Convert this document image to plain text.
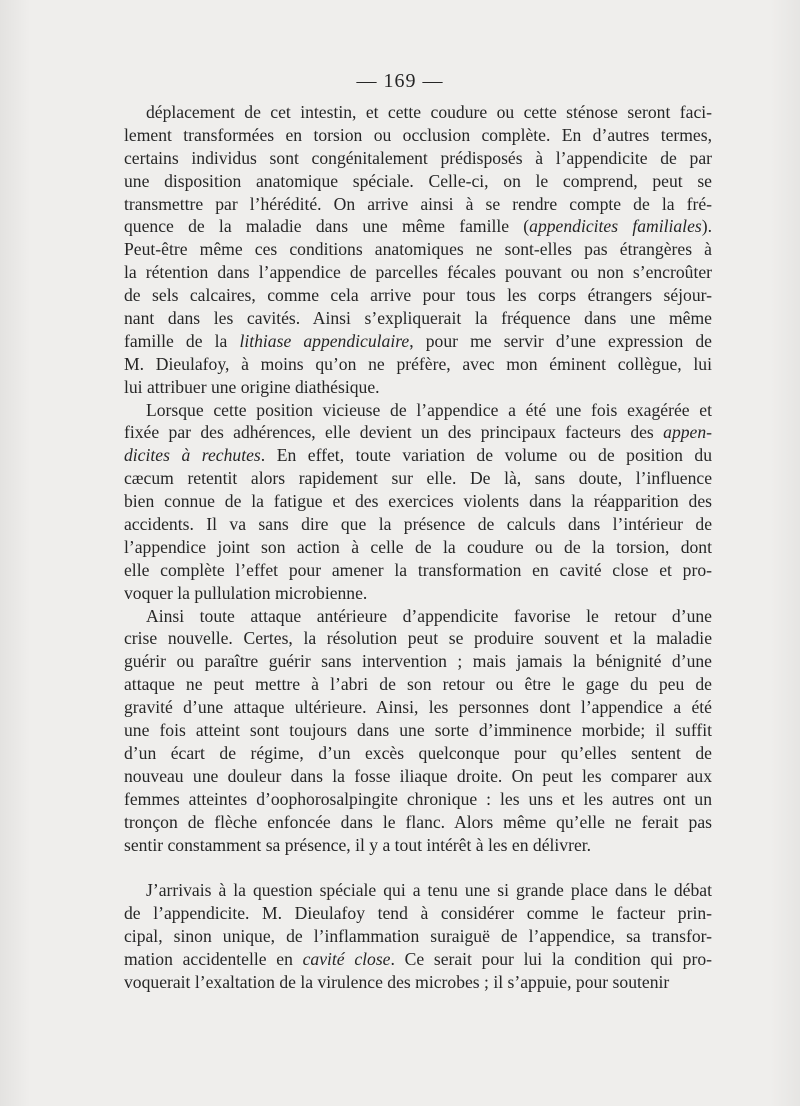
— 169 —
déplacement de cet intestin, et cette coudure ou cette sténose seront faci-
lement transformées en torsion ou occlusion complète. En d’autres termes,
certains individus sont congénitalement prédisposés à l’appendicite de par
une disposition anatomique spéciale. Celle-ci, on le comprend, peut se
transmettre par l’hérédité. On arrive ainsi à se rendre compte de la fré-
quence de la maladie dans une même famille (appendicites familiales).
Peut-être même ces conditions anatomiques ne sont-elles pas étrangères à
la rétention dans l’appendice de parcelles fécales pouvant ou non s’encroûter
de sels calcaires, comme cela arrive pour tous les corps étrangers séjour-
nant dans les cavités. Ainsi s’expliquerait la fréquence dans une même
famille de la lithiase appendiculaire, pour me servir d’une expression de
M. Dieulafoy, à moins qu’on ne préfère, avec mon éminent collègue, lui
lui attribuer une origine diathésique.
Lorsque cette position vicieuse de l’appendice a été une fois exagérée et
fixée par des adhérences, elle devient un des principaux facteurs des appen-
dicites à rechutes. En effet, toute variation de volume ou de position du
cæcum retentit alors rapidement sur elle. De là, sans doute, l’influence
bien connue de la fatigue et des exercices violents dans la réapparition des
accidents. Il va sans dire que la présence de calculs dans l’intérieur de
l’appendice joint son action à celle de la coudure ou de la torsion, dont
elle complète l’effet pour amener la transformation en cavité close et pro-
voquer la pullulation microbienne.
Ainsi toute attaque antérieure d’appendicite favorise le retour d’une
crise nouvelle. Certes, la résolution peut se produire souvent et la maladie
guérir ou paraître guérir sans intervention ; mais jamais la bénignité d’une
attaque ne peut mettre à l’abri de son retour ou être le gage du peu de
gravité d’une attaque ultérieure. Ainsi, les personnes dont l’appendice a été
une fois atteint sont toujours dans une sorte d’imminence morbide; il suffit
d’un écart de régime, d’un excès quelconque pour qu’elles sentent de
nouveau une douleur dans la fosse iliaque droite. On peut les comparer aux
femmes atteintes d’oophorosalpingite chronique : les uns et les autres ont un
tronçon de flèche enfoncée dans le flanc. Alors même qu’elle ne ferait pas
sentir constamment sa présence, il y a tout intérêt à les en délivrer.
J’arrivais à la question spéciale qui a tenu une si grande place dans le débat
de l’appendicite. M. Dieulafoy tend à considérer comme le facteur prin-
cipal, sinon unique, de l’inflammation suraiguë de l’appendice, sa transfor-
mation accidentelle en cavité close. Ce serait pour lui la condition qui pro-
voquerait l’exaltation de la virulence des microbes ; il s’appuie, pour soutenir
